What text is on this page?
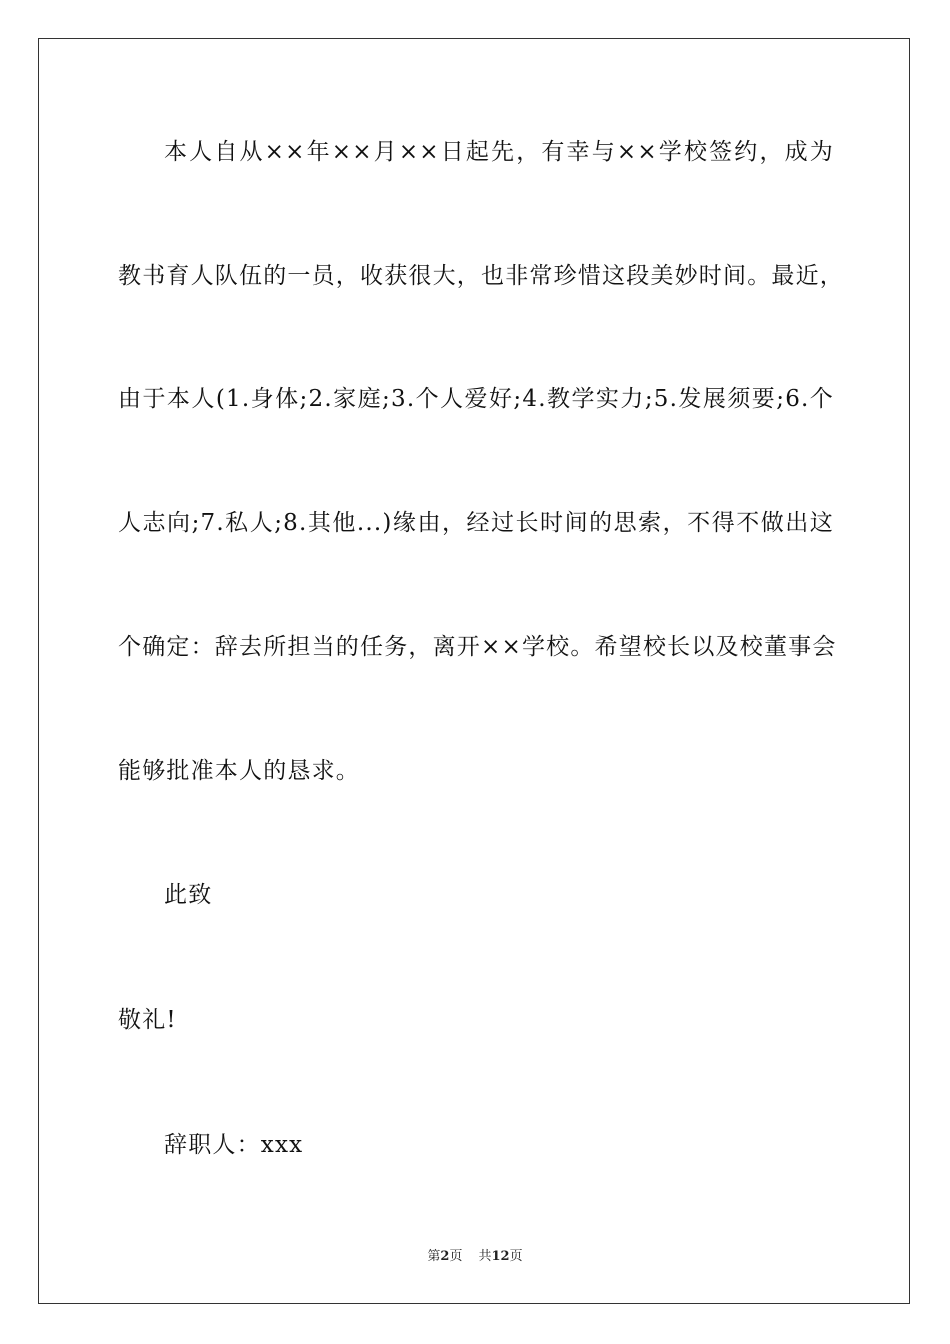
本人自从××年××月××日起先，有幸与××学校签约，成为
教书育人队伍的一员，收获很大，也非常珍惜这段美妙时间。最近，
由于本人(1.身体;2.家庭;3.个人爱好;4.教学实力;5.发展须要;6.个
人志向;7.私人;8.其他...)缘由，经过长时间的思索，不得不做出这
个确定：辞去所担当的任务，离开××学校。希望校长以及校董事会
能够批准本人的恳求。
此致
敬礼!
辞职人：xxx
第2页 共12页
